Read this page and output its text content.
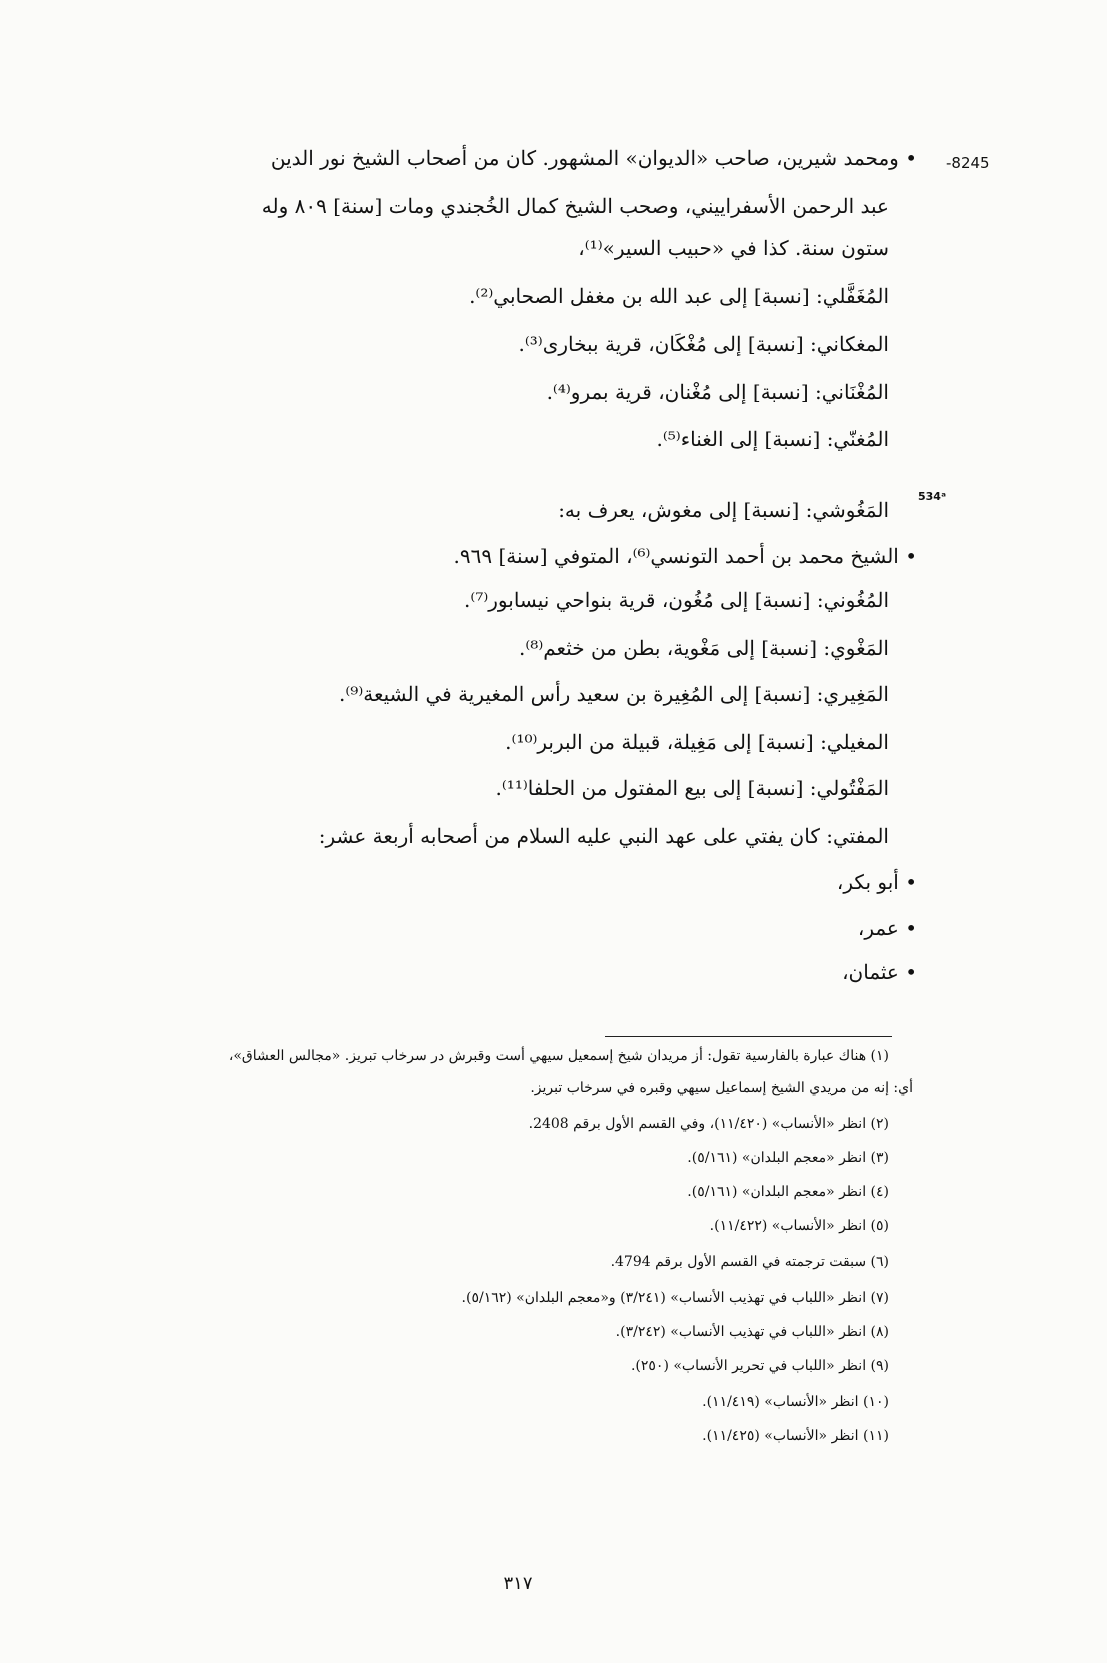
-8245
534ᵃ
• ومحمد شيرين، صاحب «الديوان» المشهور. كان من أصحاب الشيخ نور الدين
عبد الرحمن الأسفراييني، وصحب الشيخ كمال الخُجندي ومات [سنة] ٨٠٩ وله
ستون سنة. كذا في «حبيب السير»⁽¹⁾،
المُغَفَّلي: [نسبة] إلى عبد الله بن مغفل الصحابي⁽²⁾.
المغكاني: [نسبة] إلى مُغْكَان، قرية ببخارى⁽³⁾.
المُغْنَاني: [نسبة] إلى مُغْنان، قرية بمرو⁽⁴⁾.
المُغنّي: [نسبة] إلى الغناء⁽⁵⁾.
المَغُوشي: [نسبة] إلى مغوش، يعرف به:
• الشيخ محمد بن أحمد التونسي⁽⁶⁾، المتوفي [سنة] ٩٦٩.
المُغُوني: [نسبة] إلى مُغُون، قرية بنواحي نيسابور⁽⁷⁾.
المَغْوي: [نسبة] إلى مَغْوية، بطن من خثعم⁽⁸⁾.
المَغِيري: [نسبة] إلى المُغِيرة بن سعيد رأس المغيرية في الشيعة⁽⁹⁾.
المغيلي: [نسبة] إلى مَغِيلة، قبيلة من البربر⁽¹⁰⁾.
المَفْتُولي: [نسبة] إلى بيع المفتول من الحلفا⁽¹¹⁾.
المفتي: كان يفتي على عهد النبي عليه السلام من أصحابه أربعة عشر:
• أبو بكر،
• عمر،
• عثمان،
(١) هناك عبارة بالفارسية تقول: أز مريدان شيخ إسمعيل سيهي أست وقبرش در سرخاب تبريز. «مجالس العشاق»،
أي: إنه من مريدي الشيخ إسماعيل سيهي وقبره في سرخاب تبريز.
(٢) انظر «الأنساب» (١١/٤٢٠)، وفي القسم الأول برقم 2408.
(٣) انظر «معجم البلدان» (٥/١٦١).
(٤) انظر «معجم البلدان» (٥/١٦١).
(٥) انظر «الأنساب» (١١/٤٢٢).
(٦) سبقت ترجمته في القسم الأول برقم 4794.
(٧) انظر «اللباب في تهذيب الأنساب» (٣/٢٤١) و«معجم البلدان» (٥/١٦٢).
(٨) انظر «اللباب في تهذيب الأنساب» (٣/٢٤٢).
(٩) انظر «اللباب في تحرير الأنساب» (٢٥٠).
(١٠) انظر «الأنساب» (١١/٤١٩).
(١١) انظر «الأنساب» (١١/٤٢٥).
٣١٧
